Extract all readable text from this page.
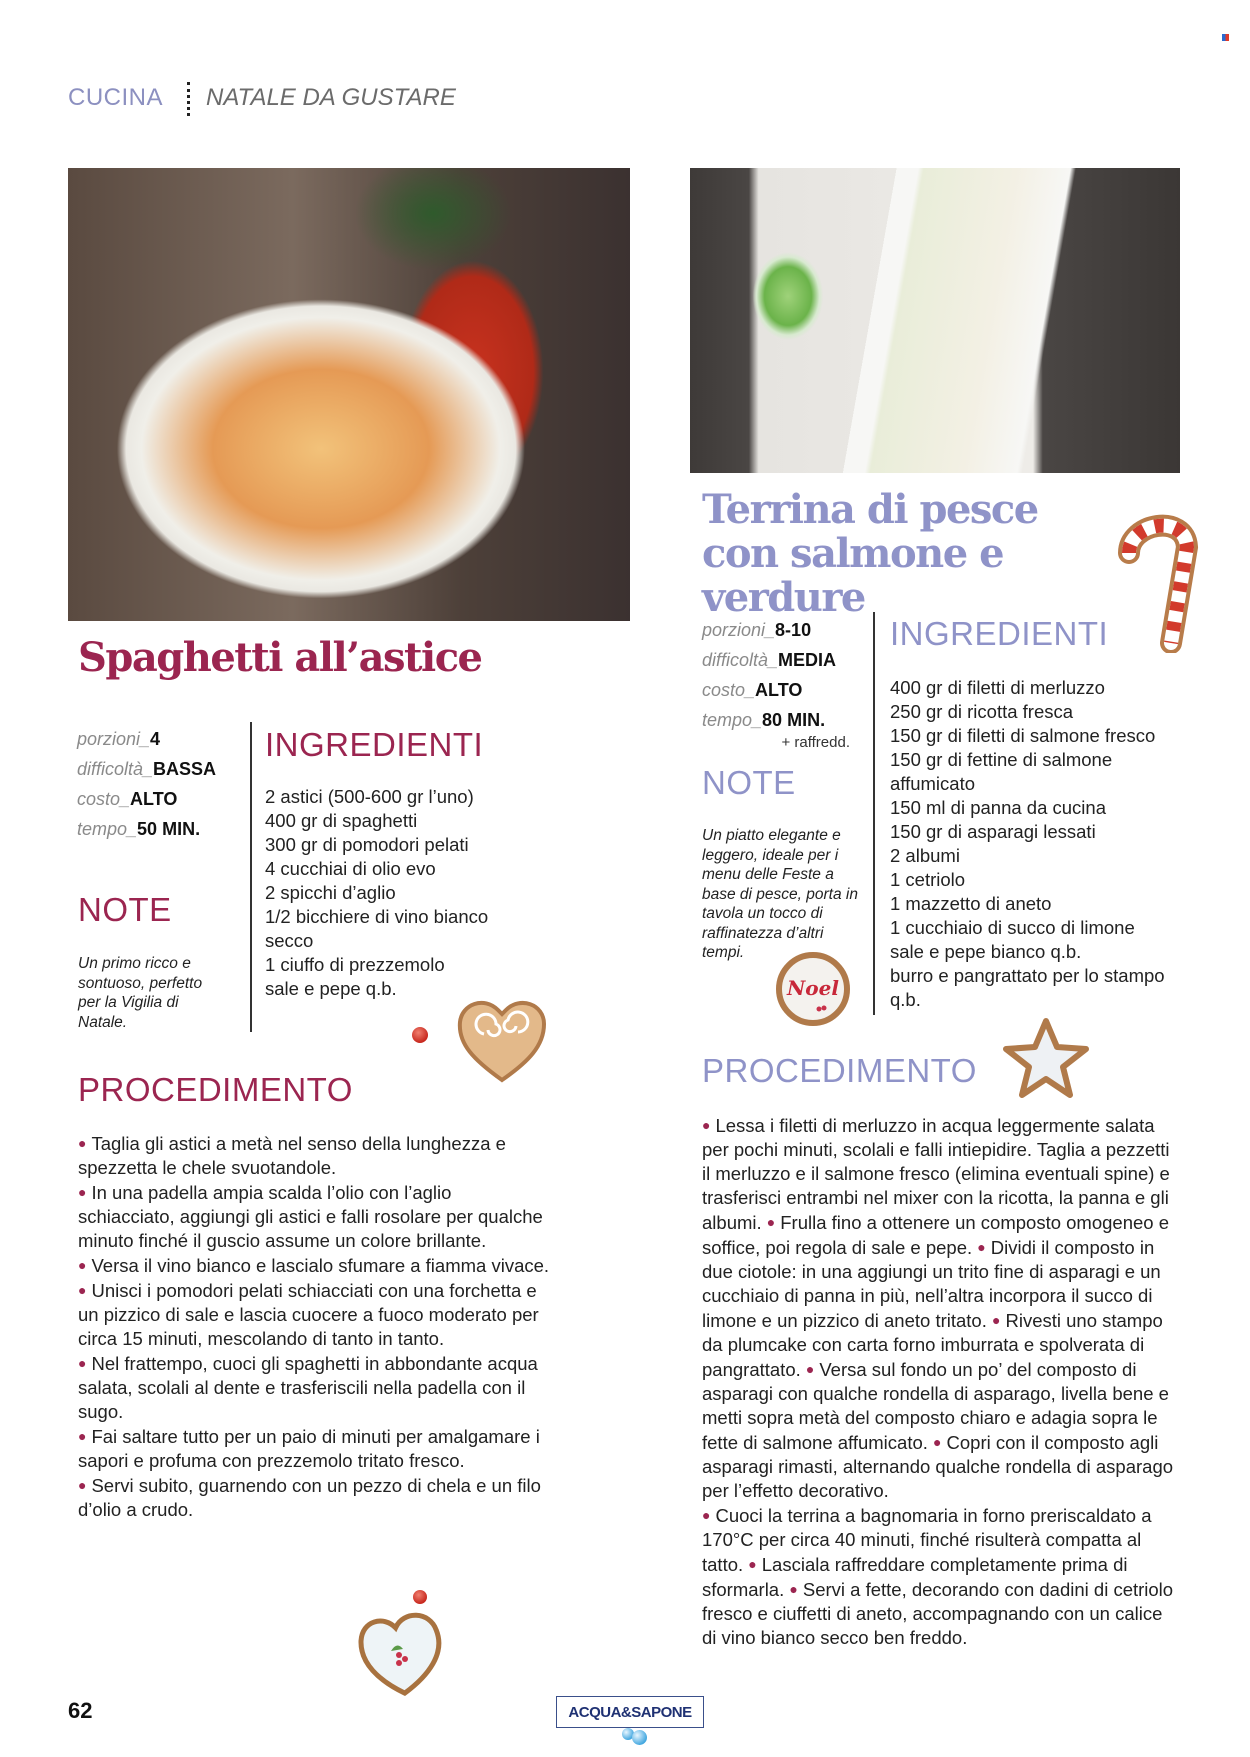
CUCINA NATALE DA GUSTARE
Spaghetti all’astice
porzioni_4
difficoltà_BASSA
costo_ALTO
tempo_50 MIN.
INGREDIENTI
2 astici (500-600 gr l’uno)
400 gr di spaghetti
300 gr di pomodori pelati
4 cucchiai di olio evo
2 spicchi d’aglio
1/2 bicchiere di vino bianco secco
1 ciuffo di prezzemolo
sale e pepe q.b.
NOTE
Un primo ricco e sontuoso, perfetto per la Vigilia di Natale.
PROCEDIMENTO
● Taglia gli astici a metà nel senso della lunghezza e spezzetta le chele svuotandole.
● In una padella ampia scalda l’olio con l’aglio schiacciato, aggiungi gli astici e falli rosolare per qualche minuto finché il guscio assume un colore brillante.
● Versa il vino bianco e lascialo sfumare a fiamma vivace.
● Unisci i pomodori pelati schiacciati con una forchetta e un pizzico di sale e lascia cuocere a fuoco moderato per circa 15 minuti, mescolando di tanto in tanto.
● Nel frattempo, cuoci gli spaghetti in abbondante acqua salata, scolali al dente e trasferiscili nella padella con il sugo.
● Fai saltare tutto per un paio di minuti per amalgamare i sapori e profuma con prezzemolo tritato fresco.
● Servi subito, guarnendo con un pezzo di chela e un filo d’olio a crudo.
Terrina di pesce con salmone e verdure
porzioni_8-10
difficoltà_MEDIA
costo_ALTO
tempo_80 MIN.
+ raffredd.
INGREDIENTI
400 gr di filetti di merluzzo
250 gr di ricotta fresca
150 gr di filetti di salmone fresco
150 gr di fettine di salmone affumicato
150 ml di panna da cucina
150 gr di asparagi lessati
2 albumi
1 cetriolo
1 mazzetto di aneto
1 cucchiaio di succo di limone
sale e pepe bianco q.b.
burro e pangrattato per lo stampo q.b.
NOTE
Un piatto elegante e leggero, ideale per i menu delle Feste a base di pesce, porta in tavola un tocco di raffinatezza d’altri tempi.
Noel
PROCEDIMENTO
● Lessa i filetti di merluzzo in acqua leggermente salata per pochi minuti, scolali e falli intiepidire. Taglia a pezzetti il merluzzo e il salmone fresco (elimina eventuali spine) e trasferisci entrambi nel mixer con la ricotta, la panna e gli albumi. ● Frulla fino a ottenere un composto omogeneo e soffice, poi regola di sale e pepe. ● Dividi il composto in due ciotole: in una aggiungi un trito fine di asparagi e un cucchiaio di panna in più, nell’altra incorpora il succo di limone e un pizzico di aneto tritato. ● Rivesti uno stampo da plumcake con carta forno imburrata e spolverata di pangrattato. ● Versa sul fondo un po’ del composto di asparagi con qualche rondella di asparago, livella bene e metti sopra metà del composto chiaro e adagia sopra le fette di salmone affumicato. ● Copri con il composto agli asparagi rimasti, alternando qualche rondella di asparago per l’effetto decorativo.
● Cuoci la terrina a bagnomaria in forno preriscaldato a 170°C per circa 40 minuti, finché risulterà compatta al tatto. ● Lasciala raffreddare completamente prima di sformarla. ● Servi a fette, decorando con dadini di cetriolo fresco e ciuffetti di aneto, accompagnando con un calice di vino bianco secco ben freddo.
62	ACQUA&SAPONE
